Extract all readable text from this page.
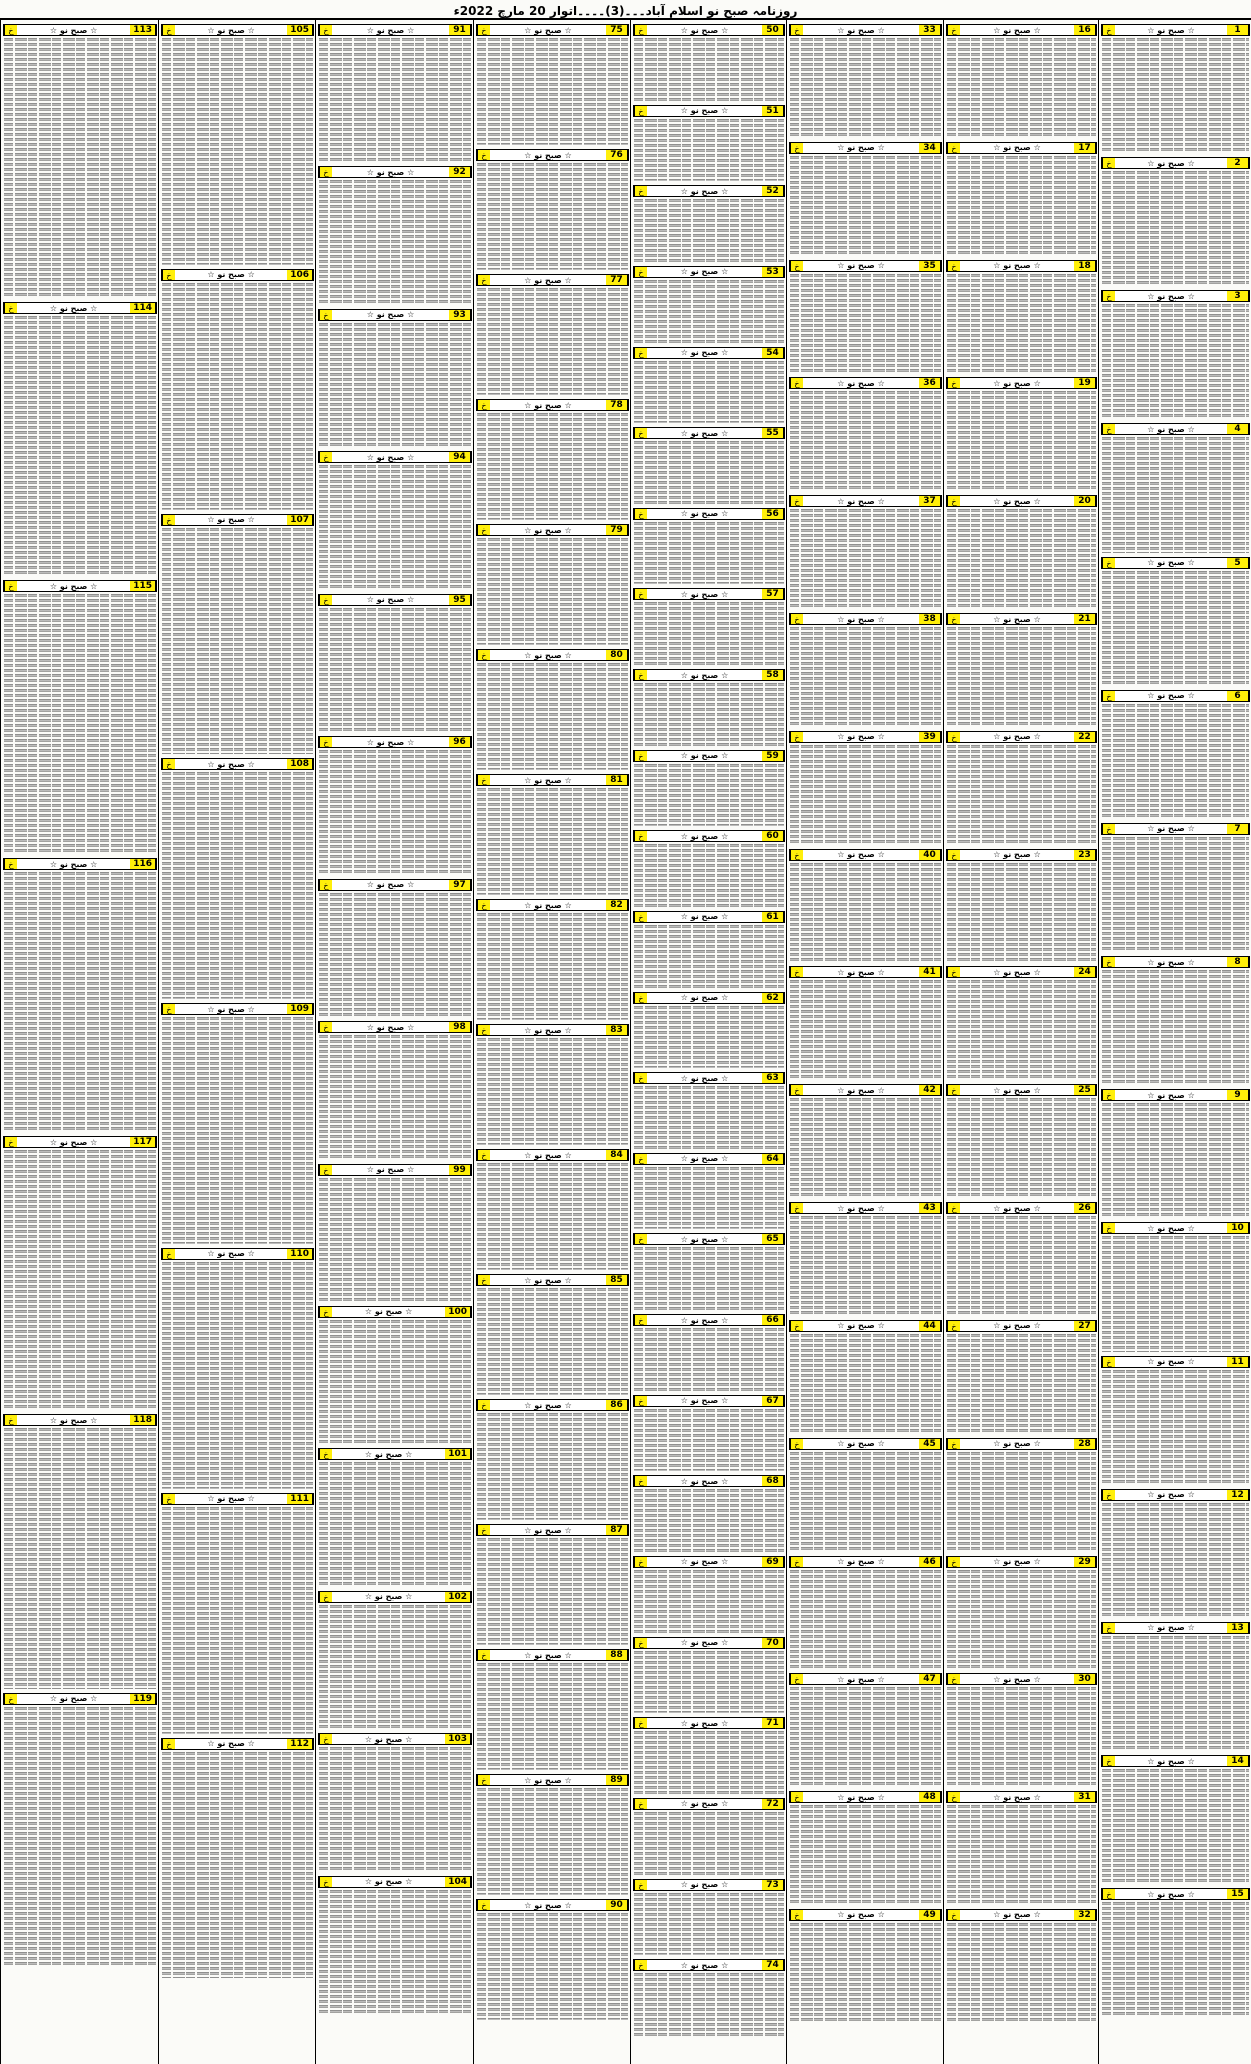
روزنامہ صبح نو اسلام آباد۔۔۔(3)۔۔۔۔اتوار 20 مارچ 2022ء
خ	☆ صبح نو ☆	1
خ	☆ صبح نو ☆	2
خ	☆ صبح نو ☆	3
خ	☆ صبح نو ☆	4
خ	☆ صبح نو ☆	5
خ	☆ صبح نو ☆	6
خ	☆ صبح نو ☆	7
خ	☆ صبح نو ☆	8
خ	☆ صبح نو ☆	9
خ	☆ صبح نو ☆	10
خ	☆ صبح نو ☆	11
خ	☆ صبح نو ☆	12
خ	☆ صبح نو ☆	13
خ	☆ صبح نو ☆	14
خ	☆ صبح نو ☆	15
خ	☆ صبح نو ☆	16
خ	☆ صبح نو ☆	17
خ	☆ صبح نو ☆	18
خ	☆ صبح نو ☆	19
خ	☆ صبح نو ☆	20
خ	☆ صبح نو ☆	21
خ	☆ صبح نو ☆	22
خ	☆ صبح نو ☆	23
خ	☆ صبح نو ☆	24
خ	☆ صبح نو ☆	25
خ	☆ صبح نو ☆	26
خ	☆ صبح نو ☆	27
خ	☆ صبح نو ☆	28
خ	☆ صبح نو ☆	29
خ	☆ صبح نو ☆	30
خ	☆ صبح نو ☆	31
خ	☆ صبح نو ☆	32
خ	☆ صبح نو ☆	33
خ	☆ صبح نو ☆	34
خ	☆ صبح نو ☆	35
خ	☆ صبح نو ☆	36
خ	☆ صبح نو ☆	37
خ	☆ صبح نو ☆	38
خ	☆ صبح نو ☆	39
خ	☆ صبح نو ☆	40
خ	☆ صبح نو ☆	41
خ	☆ صبح نو ☆	42
خ	☆ صبح نو ☆	43
خ	☆ صبح نو ☆	44
خ	☆ صبح نو ☆	45
خ	☆ صبح نو ☆	46
خ	☆ صبح نو ☆	47
خ	☆ صبح نو ☆	48
خ	☆ صبح نو ☆	49
خ	☆ صبح نو ☆	50
خ	☆ صبح نو ☆	51
خ	☆ صبح نو ☆	52
خ	☆ صبح نو ☆	53
خ	☆ صبح نو ☆	54
خ	☆ صبح نو ☆	55
خ	☆ صبح نو ☆	56
خ	☆ صبح نو ☆	57
خ	☆ صبح نو ☆	58
خ	☆ صبح نو ☆	59
خ	☆ صبح نو ☆	60
خ	☆ صبح نو ☆	61
خ	☆ صبح نو ☆	62
خ	☆ صبح نو ☆	63
خ	☆ صبح نو ☆	64
خ	☆ صبح نو ☆	65
خ	☆ صبح نو ☆	66
خ	☆ صبح نو ☆	67
خ	☆ صبح نو ☆	68
خ	☆ صبح نو ☆	69
خ	☆ صبح نو ☆	70
خ	☆ صبح نو ☆	71
خ	☆ صبح نو ☆	72
خ	☆ صبح نو ☆	73
خ	☆ صبح نو ☆	74
خ	☆ صبح نو ☆	75
خ	☆ صبح نو ☆	76
خ	☆ صبح نو ☆	77
خ	☆ صبح نو ☆	78
خ	☆ صبح نو ☆	79
خ	☆ صبح نو ☆	80
خ	☆ صبح نو ☆	81
خ	☆ صبح نو ☆	82
خ	☆ صبح نو ☆	83
خ	☆ صبح نو ☆	84
خ	☆ صبح نو ☆	85
خ	☆ صبح نو ☆	86
خ	☆ صبح نو ☆	87
خ	☆ صبح نو ☆	88
خ	☆ صبح نو ☆	89
خ	☆ صبح نو ☆	90
خ	☆ صبح نو ☆	91
خ	☆ صبح نو ☆	92
خ	☆ صبح نو ☆	93
خ	☆ صبح نو ☆	94
خ	☆ صبح نو ☆	95
خ	☆ صبح نو ☆	96
خ	☆ صبح نو ☆	97
خ	☆ صبح نو ☆	98
خ	☆ صبح نو ☆	99
خ	☆ صبح نو ☆	100
خ	☆ صبح نو ☆	101
خ	☆ صبح نو ☆	102
خ	☆ صبح نو ☆	103
خ	☆ صبح نو ☆	104
خ	☆ صبح نو ☆	105
خ	☆ صبح نو ☆	106
خ	☆ صبح نو ☆	107
خ	☆ صبح نو ☆	108
خ	☆ صبح نو ☆	109
خ	☆ صبح نو ☆	110
خ	☆ صبح نو ☆	111
خ	☆ صبح نو ☆	112
خ	☆ صبح نو ☆	113
خ	☆ صبح نو ☆	114
خ	☆ صبح نو ☆	115
خ	☆ صبح نو ☆	116
خ	☆ صبح نو ☆	117
خ	☆ صبح نو ☆	118
خ	☆ صبح نو ☆	119
